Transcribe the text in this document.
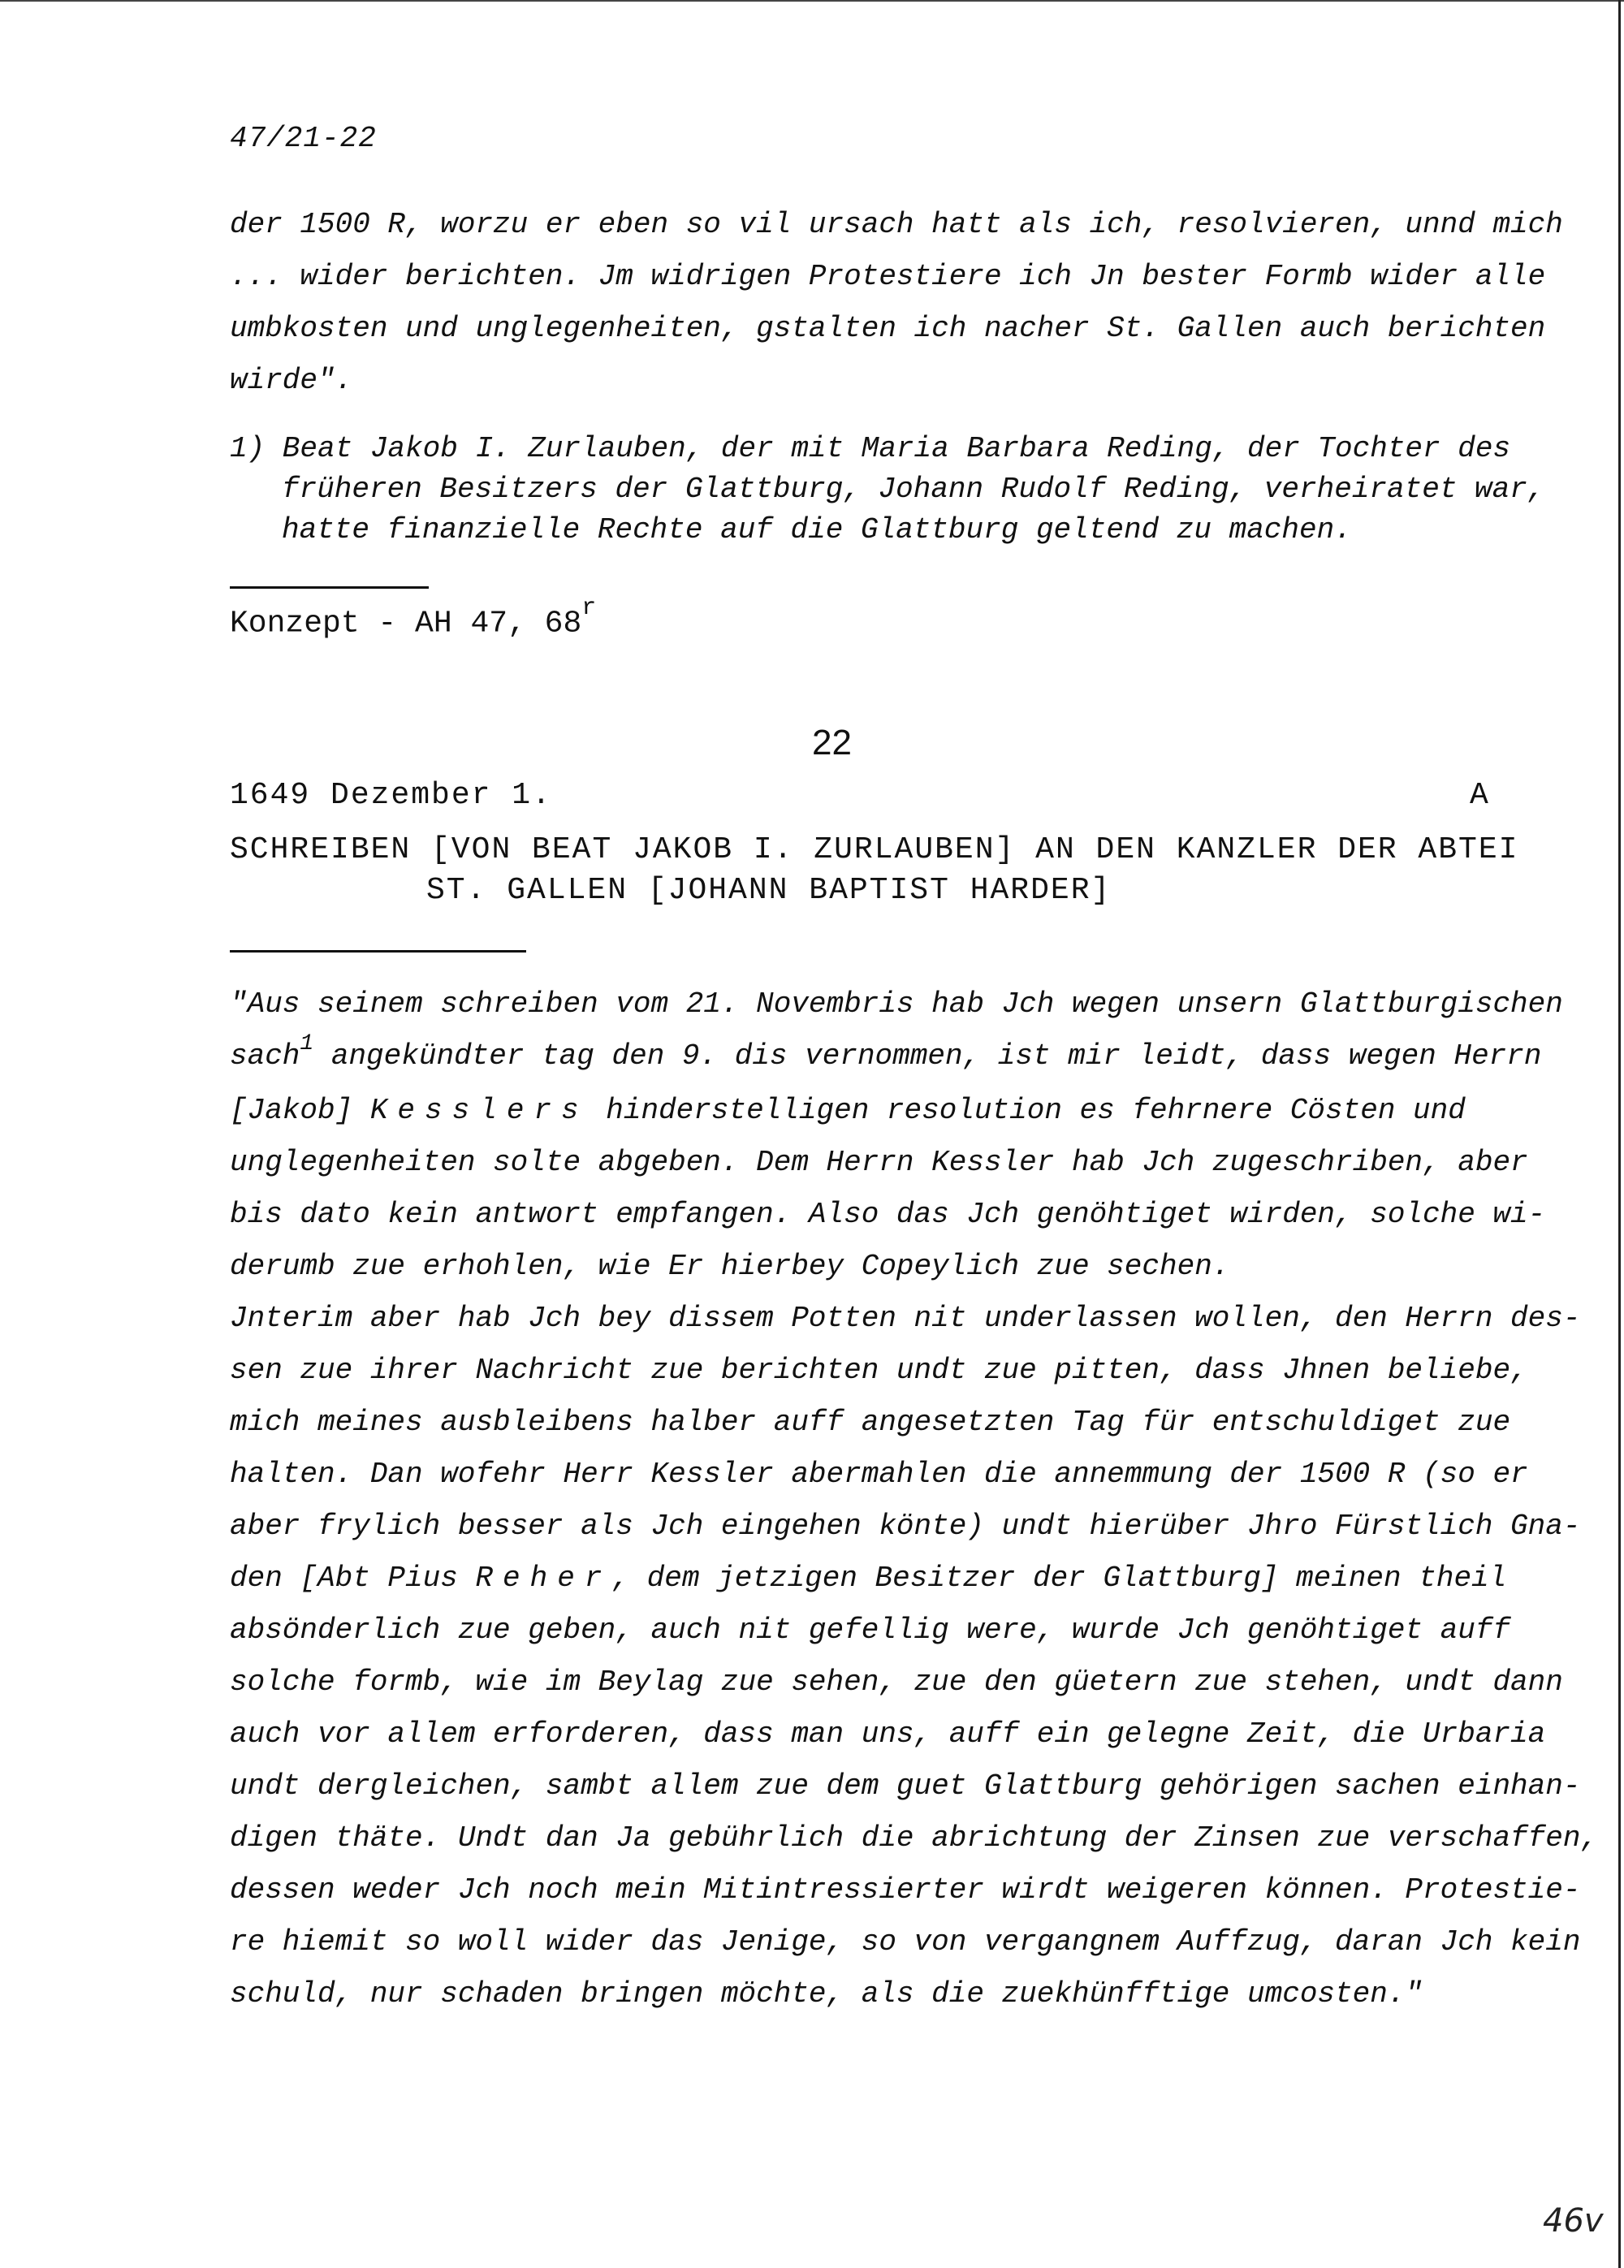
47/21-22
der 1500 R, worzu er eben so vil ursach hatt als ich, resolvieren, unnd mich
... wider berichten. Jm widrigen Protestiere ich Jn bester Formb wider alle
umbkosten und unglegenheiten, gstalten ich nacher St. Gallen auch berichten
wirde".
1) Beat Jakob I. Zurlauben, der mit Maria Barbara Reding, der Tochter des
früheren Besitzers der Glattburg, Johann Rudolf Reding, verheiratet war,
hatte finanzielle Rechte auf die Glattburg geltend zu machen.
Konzept - AH 47, 68$^r$
22
1649 Dezember 1.	A
SCHREIBEN [VON BEAT JAKOB I. ZURLAUBEN] AN DEN KANZLER DER ABTEI
ST. GALLEN [JOHANN BAPTIST HARDER]
"Aus seinem schreiben vom 21. Novembris hab Jch wegen unsern Glattburgischen
sach$^1$ angekündter tag den 9. dis vernommen, ist mir leidt, dass wegen Herrn
[Jakob] Kesslers hinderstelligen resolution es fehrnere Cösten und
unglegenheiten solte abgeben. Dem Herrn Kessler hab Jch zugeschriben, aber
bis dato kein antwort empfangen. Also das Jch genöhtiget wirden, solche wi-
derumb zue erhohlen, wie Er hierbey Copeylich zue sechen.
Jnterim aber hab Jch bey dissem Potten nit underlassen wollen, den Herrn des-
sen zue ihrer Nachricht zue berichten undt zue pitten, dass Jhnen beliebe,
mich meines ausbleibens halber auff angesetzten Tag für entschuldiget zue
halten. Dan wofehr Herr Kessler abermahlen die annemmung der 1500 R (so er
aber frylich besser als Jch eingehen könte) undt hierüber Jhro Fürstlich Gna-
den [Abt Pius Reher, dem jetzigen Besitzer der Glattburg] meinen theil
absönderlich zue geben, auch nit gefellig were, wurde Jch genöhtiget auff
solche formb, wie im Beylag zue sehen, zue den güetern zue stehen, undt dann
auch vor allem erforderen, dass man uns, auff ein gelegne Zeit, die Urbaria
undt dergleichen, sambt allem zue dem guet Glattburg gehörigen sachen einhan-
digen thäte. Undt dan Ja gebührlich die abrichtung der Zinsen zue verschaffen,
dessen weder Jch noch mein Mitintressierter wirdt weigeren können. Protestie-
re hiemit so woll wider das Jenige, so von vergangnem Auffzug, daran Jch kein
schuld, nur schaden bringen möchte, als die zuekhünfftige umcosten."
46v
